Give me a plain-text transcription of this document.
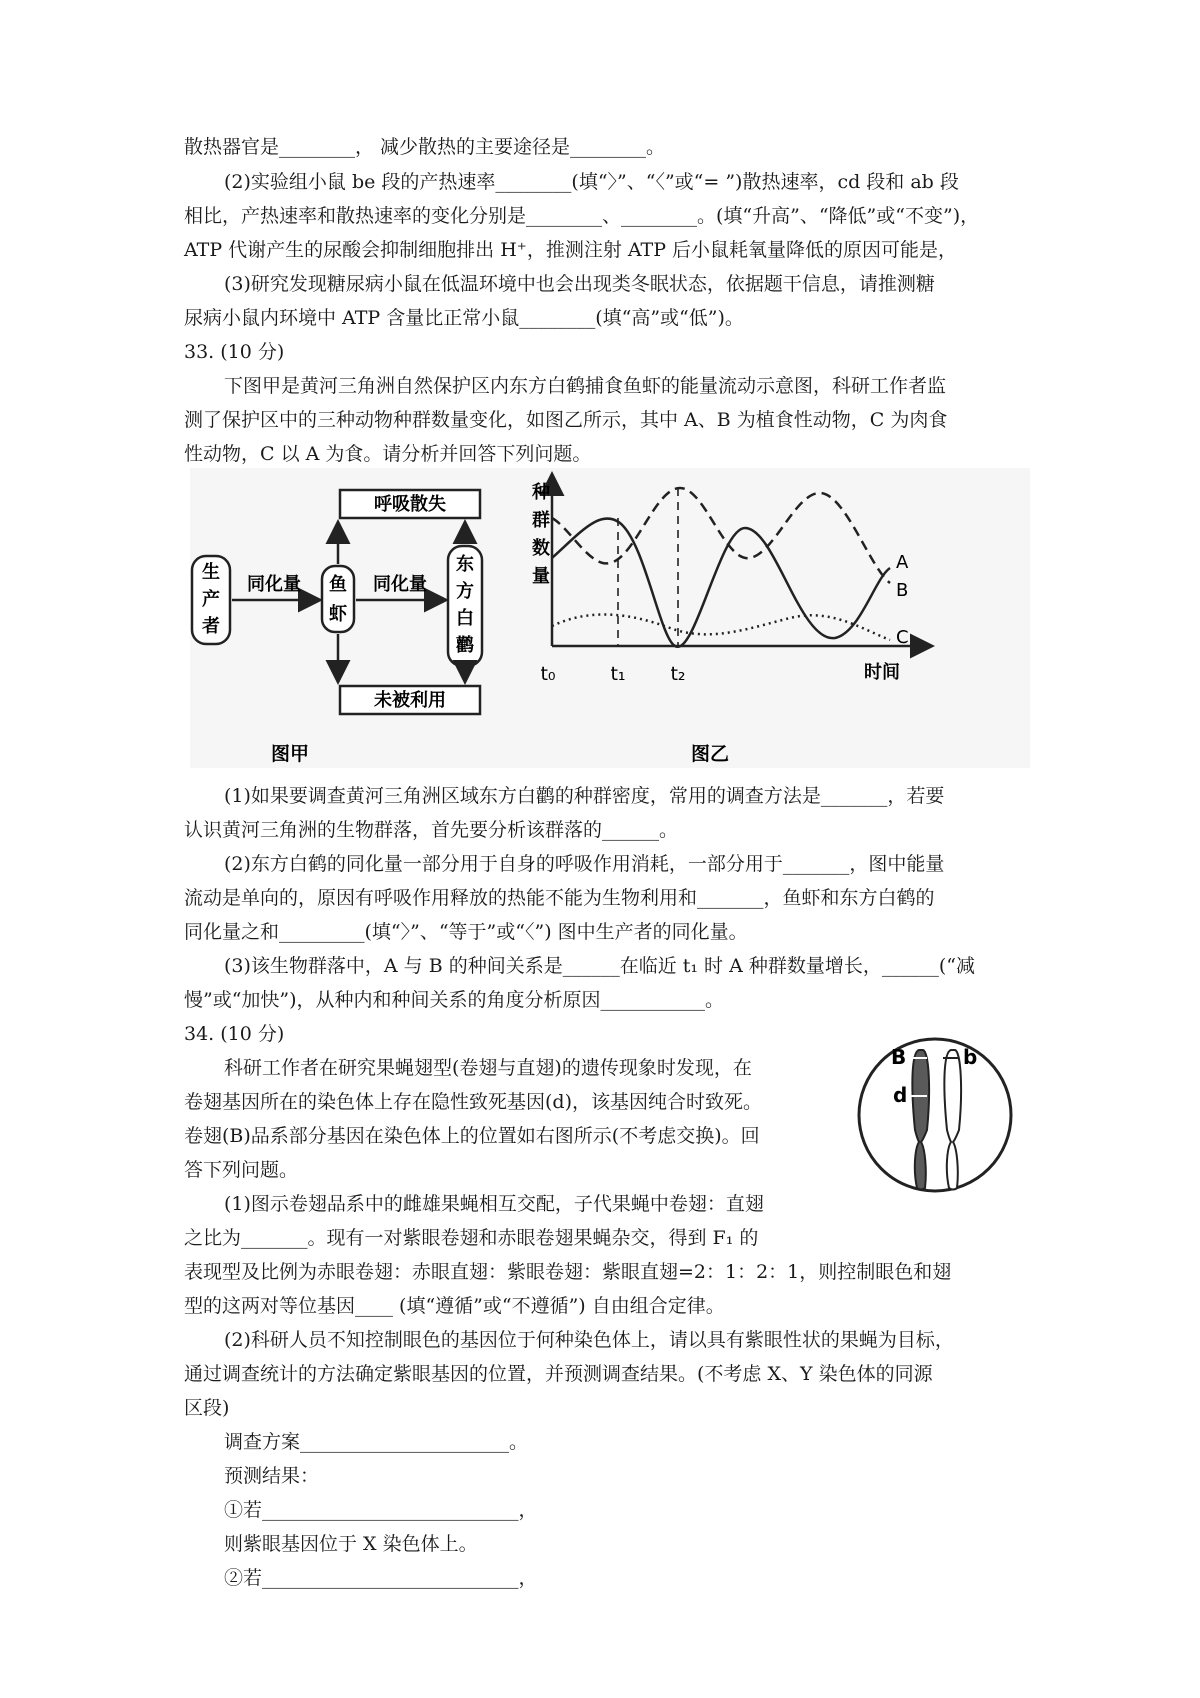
散热器官是________， 减少散热的主要途径是________。
(2)实验组小鼠 be 段的产热速率________(填“〉”、“〈”或“= ”)散热速率，cd 段和 ab 段
相比，产热速率和散热速率的变化分别是________、________。(填“升高”、“降低”或“不变”)，
ATP 代谢产生的尿酸会抑制细胞排出 H⁺，推测注射 ATP 后小鼠耗氧量降低的原因可能是，
(3)研究发现糖尿病小鼠在低温环境中也会出现类冬眠状态，依据题干信息，请推测糖
尿病小鼠内环境中 ATP 含量比正常小鼠________(填“高”或“低”)。
33. (10 分)
下图甲是黄河三角洲自然保护区内东方白鹤捕食鱼虾的能量流动示意图，科研工作者监
测了保护区中的三种动物种群数量变化，如图乙所示，其中 A、B 为植食性动物，C 为肉食
性动物，C 以 A 为食。请分析并回答下列问题。
呼吸散失
未被利用
生
产
者
鱼
虾
东
方
白
鹳
同化量	同化量
图甲
种
群
数
量
A
B
C
t₀	t₁ t₂	时间
图乙
(1)如果要调查黄河三角洲区域东方白鹳的种群密度，常用的调查方法是_______，若要
认识黄河三角洲的生物群落，首先要分析该群落的______。
(2)东方白鹤的同化量一部分用于自身的呼吸作用消耗，一部分用于_______，图中能量
流动是单向的，原因有呼吸作用释放的热能不能为生物利用和_______，鱼虾和东方白鹤的
同化量之和_________(填“〉”、“等于”或“〈”) 图中生产者的同化量。
(3)该生物群落中，A 与 B 的种间关系是______在临近 t₁ 时 A 种群数量增长，______(“减
慢”或“加快”)，从种内和种间关系的角度分析原因___________。
34. (10 分)
科研工作者在研究果蝇翅型(卷翅与直翅)的遗传现象时发现，在
卷翅基因所在的染色体上存在隐性致死基因(d)，该基因纯合时致死。
卷翅(B)品系部分基因在染色体上的位置如右图所示(不考虑交换)。回
答下列问题。
(1)图示卷翅品系中的雌雄果蝇相互交配，子代果蝇中卷翅：直翅
之比为_______。现有一对紫眼卷翅和赤眼卷翅果蝇杂交，得到 F₁ 的
表现型及比例为赤眼卷翅：赤眼直翅：紫眼卷翅：紫眼直翅=2：1：2：1，则控制眼色和翅
型的这两对等位基因____ (填“遵循”或“不遵循”) 自由组合定律。
(2)科研人员不知控制眼色的基因位于何种染色体上，请以具有紫眼性状的果蝇为目标，
通过调查统计的方法确定紫眼基因的位置，并预测调查结果。(不考虑 X、Y 染色体的同源
区段)
调查方案______________________。
预测结果：
①若___________________________，
则紫眼基因位于 X 染色体上。
②若___________________________，
B	b
d
